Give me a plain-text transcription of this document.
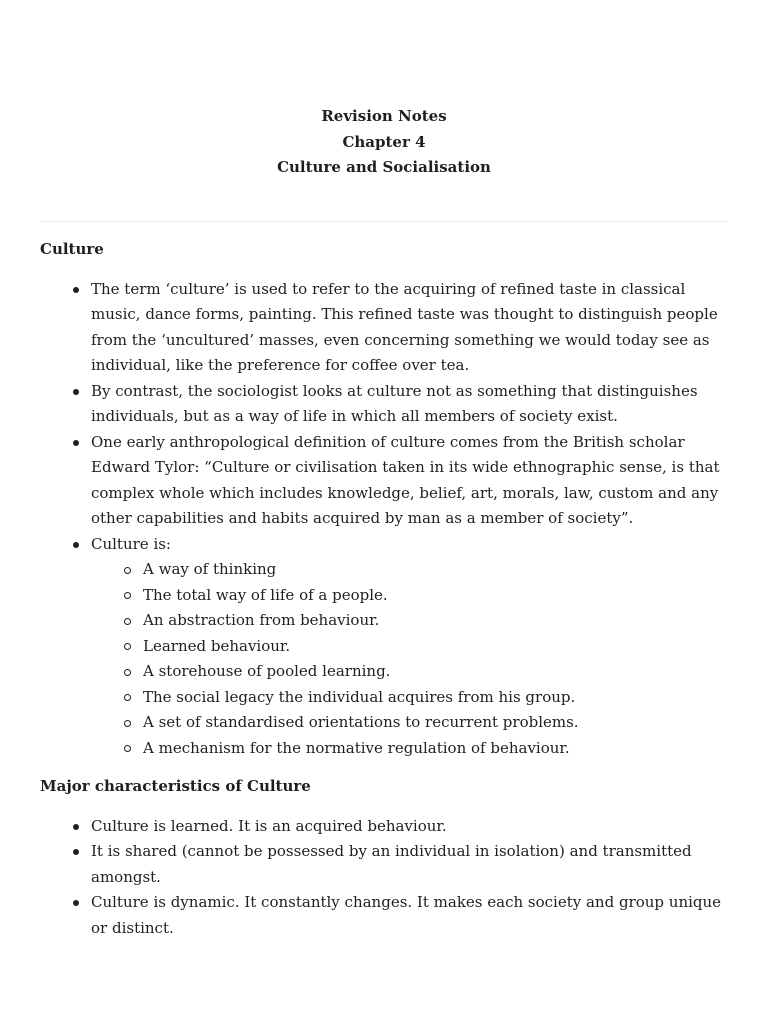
Revision Notes
Chapter 4
Culture and Socialisation
Culture
The term ‘culture’ is used to refer to the acquiring of refined taste in classical music, dance forms, painting. This refined taste was thought to distinguish people from the ‘uncultured’ masses, even concerning something we would today see as individual, like the preference for coffee over tea.
By contrast, the sociologist looks at culture not as something that distinguishes individuals, but as a way of life in which all members of society exist.
One early anthropological definition of culture comes from the British scholar Edward Tylor: “Culture or civilisation taken in its wide ethnographic sense, is that complex whole which includes knowledge, belief, art, morals, law, custom and any other capabilities and habits acquired by man as a member of society”.
Culture is:
A way of thinking
The total way of life of a people.
An abstraction from behaviour.
Learned behaviour.
A storehouse of pooled learning.
The social legacy the individual acquires from his group.
A set of standardised orientations to recurrent problems.
A mechanism for the normative regulation of behaviour.
Major characteristics of Culture
Culture is learned. It is an acquired behaviour.
It is shared (cannot be possessed by an individual in isolation) and transmitted amongst.
Culture is dynamic. It constantly changes. It makes each society and group unique or distinct.
